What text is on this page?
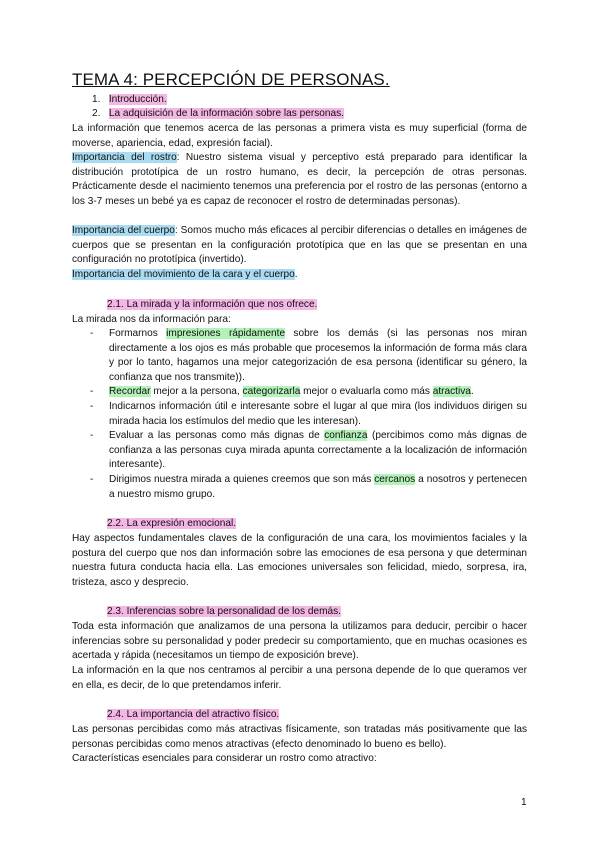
TEMA 4: PERCEPCIÓN DE PERSONAS.
1. Introducción.
2. La adquisición de la información sobre las personas.
La información que tenemos acerca de las personas a primera vista es muy superficial (forma de moverse, apariencia, edad, expresión facial).
Importancia del rostro: Nuestro sistema visual y perceptivo está preparado para identificar la distribución prototípica de un rostro humano, es decir, la percepción de otras personas. Prácticamente desde el nacimiento tenemos una preferencia por el rostro de las personas (entorno a los 3-7 meses un bebé ya es capaz de reconocer el rostro de determinadas personas).
Importancia del cuerpo: Somos mucho más eficaces al percibir diferencias o detalles en imágenes de cuerpos que se presentan en la configuración prototípica que en las que se presentan en una configuración no prototípica (invertido).
Importancia del movimiento de la cara y el cuerpo.
2.1. La mirada y la información que nos ofrece.
La mirada nos da información para:
- Formarnos impresiones rápidamente sobre los demás (si las personas nos miran directamente a los ojos es más probable que procesemos la información de forma más clara y por lo tanto, hagamos una mejor categorización de esa persona (identificar su género, la confianza que nos transmite)).
- Recordar mejor a la persona, categorizarla mejor o evaluarla como más atractiva.
- Indicarnos información útil e interesante sobre el lugar al que mira (los individuos dirigen su mirada hacia los estímulos del medio que les interesan).
- Evaluar a las personas como más dignas de confianza (percibimos como más dignas de confianza a las personas cuya mirada apunta correctamente a la localización de información interesante).
- Dirigimos nuestra mirada a quienes creemos que son más cercanos a nosotros y pertenecen a nuestro mismo grupo.
2.2. La expresión emocional.
Hay aspectos fundamentales claves de la configuración de una cara, los movimientos faciales y la postura del cuerpo que nos dan información sobre las emociones de esa persona y que determinan nuestra futura conducta hacia ella. Las emociones universales son felicidad, miedo, sorpresa, ira, tristeza, asco y desprecio.
2.3. Inferencias sobre la personalidad de los demás.
Toda esta información que analizamos de una persona la utilizamos para deducir, percibir o hacer inferencias sobre su personalidad y poder predecir su comportamiento, que en muchas ocasiones es acertada y rápida (necesitamos un tiempo de exposición breve).
La información en la que nos centramos al percibir a una persona depende de lo que queramos ver en ella, es decir, de lo que pretendamos inferir.
2.4. La importancia del atractivo físico.
Las personas percibidas como más atractivas físicamente, son tratadas más positivamente que las personas percibidas como menos atractivas (efecto denominado lo bueno es bello).
Características esenciales para considerar un rostro como atractivo:
1
